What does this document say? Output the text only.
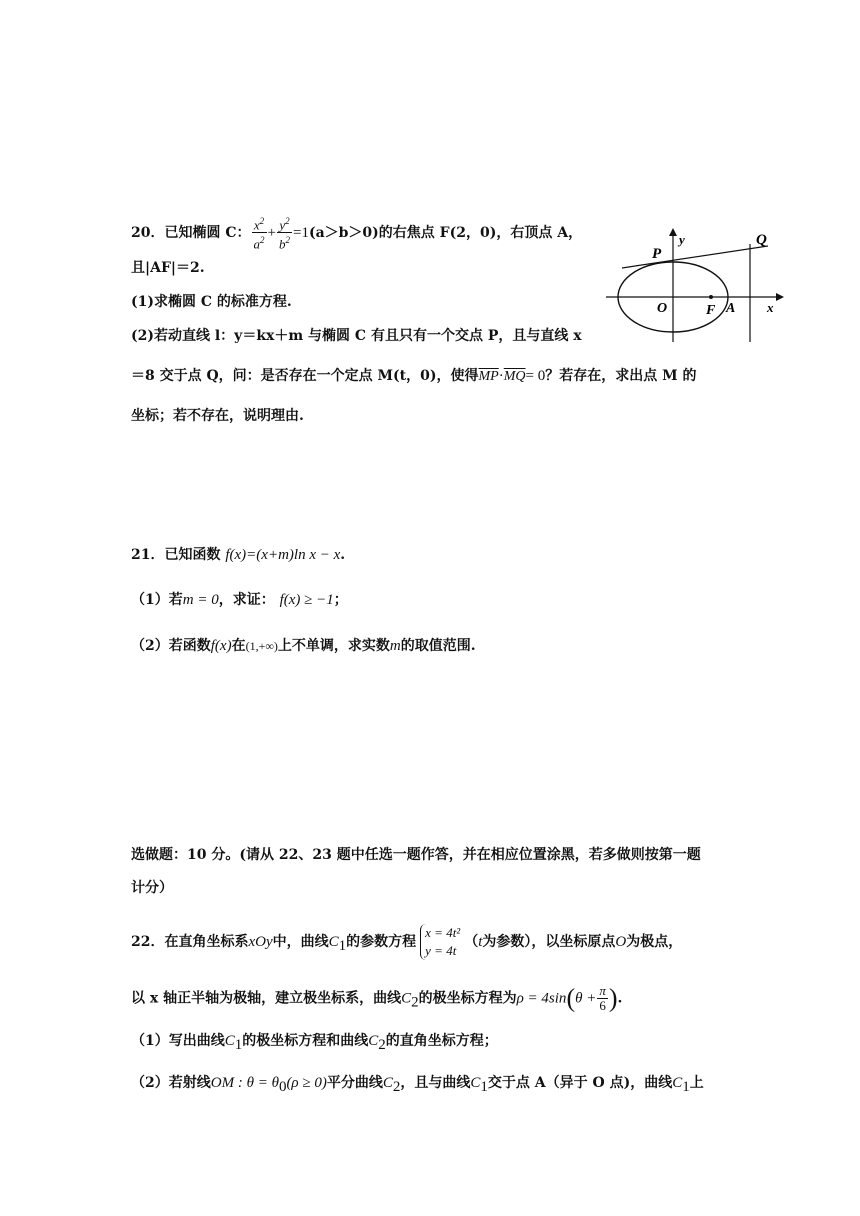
20．已知椭圆 C： $\frac{x^2}{a^2} + \frac{y^2}{b^2} =1(a>b>0)$的右焦点 F(2，0)，右顶点 A，
且|AF|＝2.
(1)求椭圆 C 的标准方程.
(2)若动直线 l：y＝kx＋m 与椭圆 C 有且只有一个交点 P，且与直线 x
＝8 交于点 Q，问：是否存在一个定点 M(t，0)，使得$\overline{MP}\cdot\overline{MQ}= 0$？若存在，求出点 M 的
坐标；若不存在，说明理由.
P
Q
y
O	F A x
21．已知函数 f(x)=(x+m)ln x − x.
（1）若m = 0，求证： f(x) ≥ −1；
（2）若函数f(x)在(1,+∞)上不单调，求实数m的取值范围.
选做题：10 分。(请从 22、23 题中任选一题作答，并在相应位置涂黑，若多做则按第一题
计分）
22．在直角坐标系xOy中，曲线$C_1$的参数方程
x = 4t²
y = 4t
（t为参数），以坐标原点O为极点，
以 x 轴正半轴为极轴，建立极坐标系，曲线$C_2$的极坐标方程为$\rho = 4\sin(\theta + \frac{\pi}{6}$ ).
（1）写出曲线$C_1$的极坐标方程和曲线$C_2$的直角坐标方程；
（2）若射线OM : $\theta = \theta_0(\rho \ge 0)$平分曲线$C_2$，且与曲线$C_1$交于点 A（异于 O 点)，曲线$C_1$上
